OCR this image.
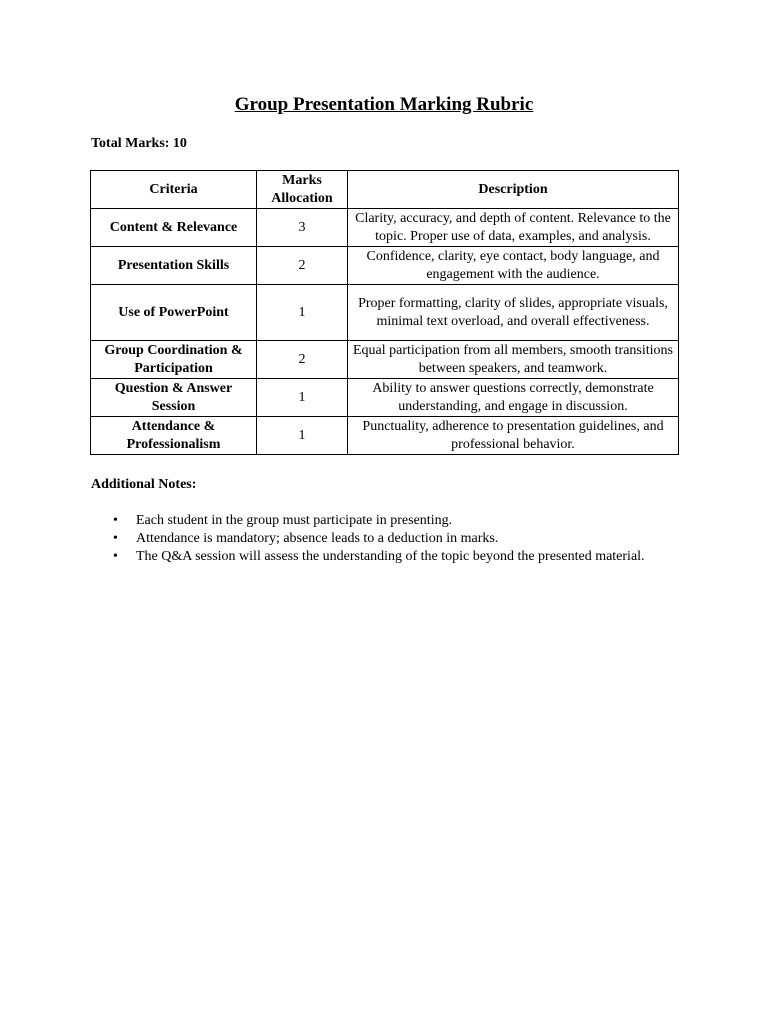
Group Presentation Marking Rubric
Total Marks: 10
Criteria	Marks Allocation	Description
Content & Relevance	3	Clarity, accuracy, and depth of content. Relevance to the topic. Proper use of data, examples, and analysis.
Presentation Skills	2	Confidence, clarity, eye contact, body language, and engagement with the audience.
Use of PowerPoint	1	Proper formatting, clarity of slides, appropriate visuals, minimal text overload, and overall effectiveness.
Group Coordination & Participation	2	Equal participation from all members, smooth transitions between speakers, and teamwork.
Question & Answer Session	1	Ability to answer questions correctly, demonstrate understanding, and engage in discussion.
Attendance & Professionalism	1	Punctuality, adherence to presentation guidelines, and professional behavior.
Additional Notes:
• Each student in the group must participate in presenting.
• Attendance is mandatory; absence leads to a deduction in marks.
• The Q&A session will assess the understanding of the topic beyond the presented material.
